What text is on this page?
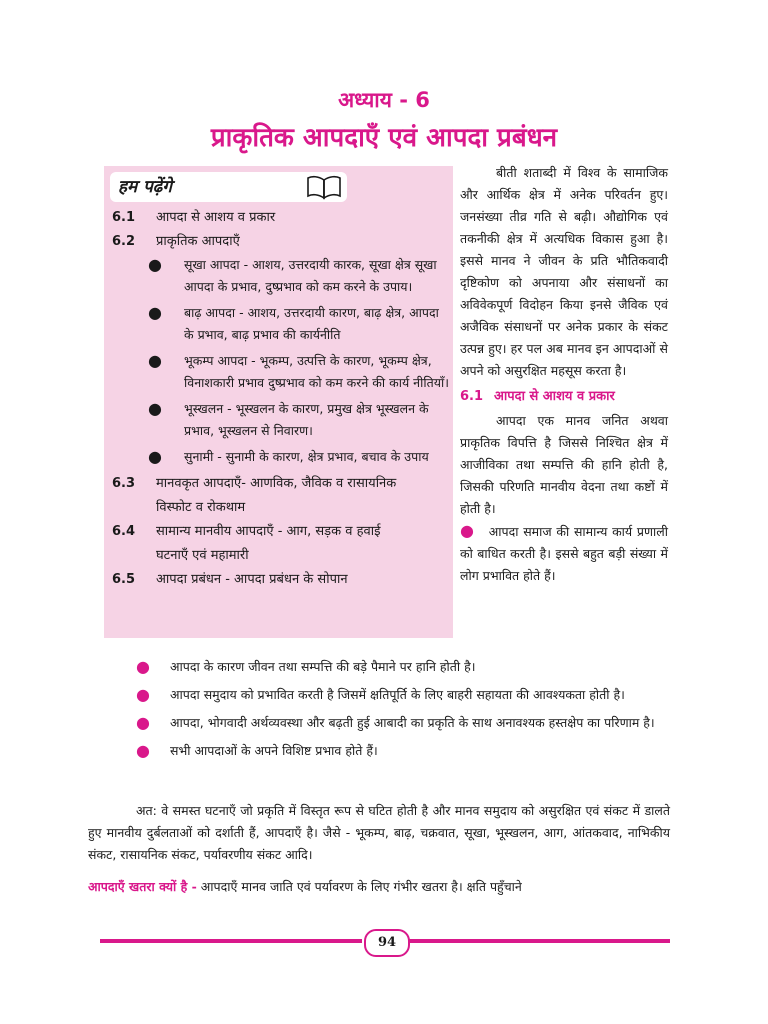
अध्याय - 6
प्राकृतिक आपदाएँ एवं आपदा प्रबंधन
हम पढ़ेंगे
6.1	आपदा से आशय व प्रकार
6.2	प्राकृतिक आपदाएँ
● सूखा आपदा - आशय, उत्तरदायी कारक, सूखा क्षेत्र सूखा आपदा के प्रभाव, दुष्प्रभाव को कम करने के उपाय।
● बाढ़ आपदा - आशय, उत्तरदायी कारण, बाढ़ क्षेत्र, आपदा के प्रभाव, बाढ़ प्रभाव की कार्यनीति
● भूकम्प आपदा - भूकम्प, उत्पत्ति के कारण, भूकम्प क्षेत्र, विनाशकारी प्रभाव दुष्प्रभाव को कम करने की कार्य नीतियाँ।
● भूस्खलन - भूस्खलन के कारण, प्रमुख क्षेत्र भूस्खलन के प्रभाव, भूस्खलन से निवारण।
● सुनामी - सुनामी के कारण, क्षेत्र प्रभाव, बचाव के उपाय
6.3	मानवकृत आपदाएँ- आणविक, जैविक व रासायनिक
विस्फोट व रोकथाम
6.4	सामान्य मानवीय आपदाएँ - आग, सड़क व हवाई
घटनाएँ एवं महामारी
6.5	आपदा प्रबंधन - आपदा प्रबंधन के सोपान

बीती शताब्दी में विश्व के सामाजिक और आर्थिक क्षेत्र में अनेक परिवर्तन हुए। जनसंख्या तीव्र गति से बढ़ी। औद्योगिक एवं तकनीकी क्षेत्र में अत्यधिक विकास हुआ है। इससे मानव ने जीवन के प्रति भौतिकवादी दृष्टिकोण को अपनाया और संसाधनों का अविवेकपूर्ण विदोहन किया इनसे जैविक एवं अजैविक संसाधनों पर अनेक प्रकार के संकट उत्पन्न हुए। हर पल अब मानव इन आपदाओं से अपने को असुरक्षित महसूस करता है।

6.1 आपदा से आशय व प्रकार

आपदा एक मानव जनित अथवा प्राकृतिक विपत्ति है जिससे निश्चित क्षेत्र में आजीविका तथा सम्पत्ति की हानि होती है, जिसकी परिणति मानवीय वेदना तथा कष्टों में होती है।

● आपदा समाज की सामान्य कार्य प्रणाली को बाधित करती है। इससे बहुत बड़ी संख्या में लोग प्रभावित होते हैं।

● आपदा के कारण जीवन तथा सम्पत्ति की बड़े पैमाने पर हानि होती है।
● आपदा समुदाय को प्रभावित करती है जिसमें क्षतिपूर्ति के लिए बाहरी सहायता की आवश्यकता होती है।
● आपदा, भोगवादी अर्थव्यवस्था और बढ़ती हुई आबादी का प्रकृति के साथ अनावश्यक हस्तक्षेप का परिणाम है।
● सभी आपदाओं के अपने विशिष्ट प्रभाव होते हैं।

अत: वे समस्त घटनाएँ जो प्रकृति में विस्तृत रूप से घटित होती है और मानव समुदाय को असुरक्षित एवं संकट में डालते हुए मानवीय दुर्बलताओं को दर्शाती हैं, आपदाएँ है। जैसे - भूकम्प, बाढ़, चक्रवात, सूखा, भूस्खलन, आग, आंतकवाद, नाभिकीय संकट, रासायनिक संकट, पर्यावरणीय संकट आदि।

आपदाएँ खतरा क्यों है - आपदाएँ मानव जाति एवं पर्यावरण के लिए गंभीर खतरा है। क्षति पहुँचाने

94
